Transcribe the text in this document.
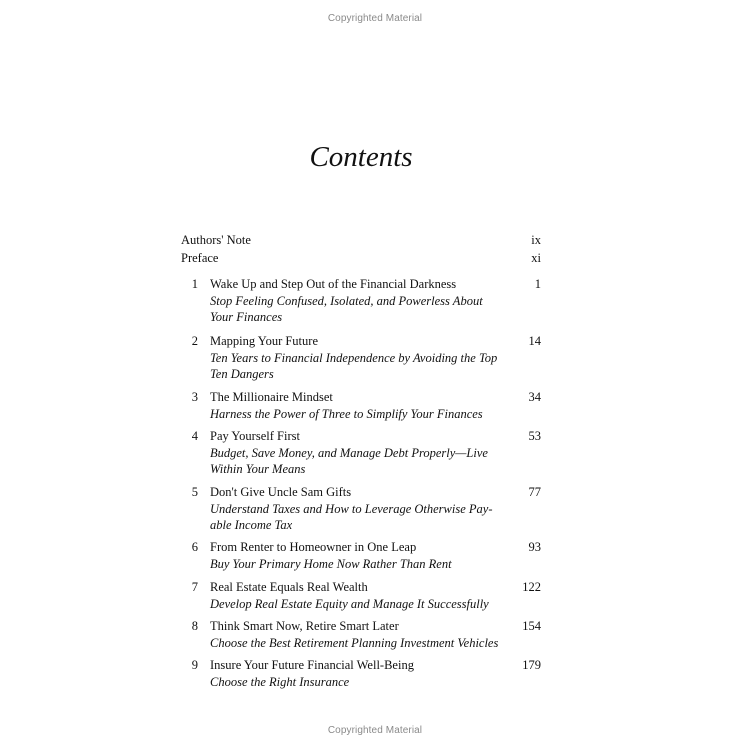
Copyrighted Material
Contents
Authors' Note	ix
Preface	xi
1 Wake Up and Step Out of the Financial Darkness
Stop Feeling Confused, Isolated, and Powerless About
Your Finances
1
2 Mapping Your Future
Ten Years to Financial Independence by Avoiding the Top
Ten Dangers
14
3 The Millionaire Mindset
Harness the Power of Three to Simplify Your Finances
34
4 Pay Yourself First
Budget, Save Money, and Manage Debt Properly—Live
Within Your Means
53
5 Don't Give Uncle Sam Gifts
Understand Taxes and How to Leverage Otherwise Pay-
able Income Tax
77
6 From Renter to Homeowner in One Leap
Buy Your Primary Home Now Rather Than Rent
93
7 Real Estate Equals Real Wealth
Develop Real Estate Equity and Manage It Successfully
122
8 Think Smart Now, Retire Smart Later
Choose the Best Retirement Planning Investment Vehicles
154
9 Insure Your Future Financial Well-Being
Choose the Right Insurance
179
Copyrighted Material
